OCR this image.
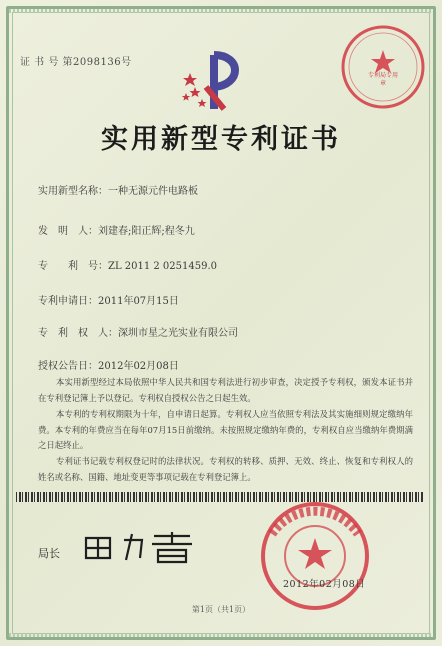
证 书 号 第2098136号
专利局专用章
实用新型专利证书
实用新型名称：一种无源元件电路板
发　明　人：刘建春;阳正辉;程冬九
专　　利　号：ZL 2011 2 0251459.0
专利申请日：2011年07月15日
专　利　权　人：深圳市星之光实业有限公司
授权公告日：2012年02月08日
本实用新型经过本局依照中华人民共和国专利法进行初步审查，决定授予专利权，颁发本证书并在专利登记簿上予以登记。专利权自授权公告之日起生效。
本专利的专利权期限为十年，自申请日起算。专利权人应当依照专利法及其实施细则规定缴纳年费。本专利的年费应当在每年07月15日前缴纳。未按照规定缴纳年费的，专利权自应当缴纳年费期满之日起终止。
专利证书记载专利权登记时的法律状况。专利权的转移、质押、无效、终止、恢复和专利权人的姓名或名称、国籍、地址变更等事项记载在专利登记簿上。
局长
2012年02月08日
第1页（共1页）
